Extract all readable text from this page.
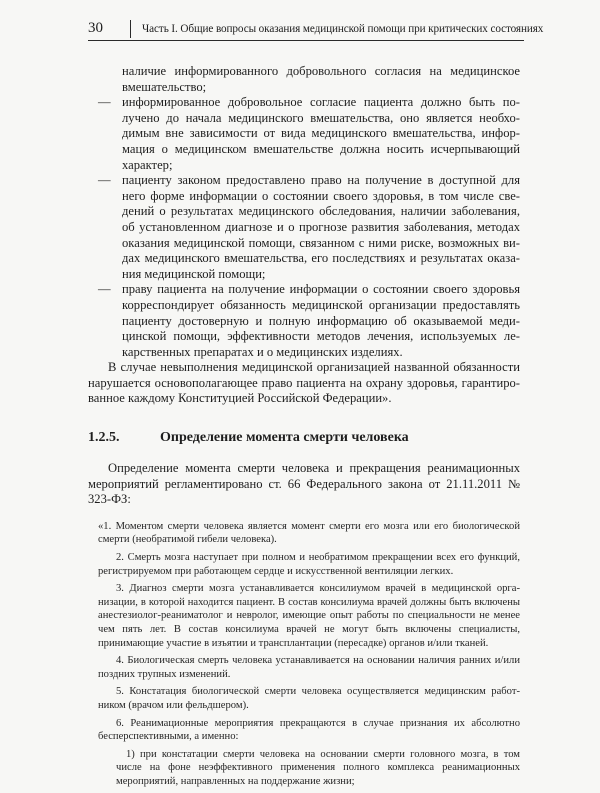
30	Часть I. Общие вопросы оказания медицинской помощи при критических состояниях
наличие информированного добровольного согласия на медицинское вмешательство;
— информированное добровольное согласие пациента должно быть получено до начала медицинского вмешательства, оно является необходимым вне зависимости от вида медицинского вмешательства, информация о медицинском вмешательстве должна носить исчерпывающий характер;
— пациенту законом предоставлено право на получение в доступной для него форме информации о состоянии своего здоровья, в том числе сведений о результатах медицинского обследования, наличии заболевания, об установленном диагнозе и о прогнозе развития заболевания, методах оказания медицинской помощи, связанном с ними риске, возможных видах медицинского вмешательства, его последствиях и результатах оказания медицинской помощи;
— праву пациента на получение информации о состоянии своего здоровья корреспондирует обязанность медицинской организации предоставлять пациенту достоверную и полную информацию об оказываемой медицинской помощи, эффективности методов лечения, используемых лекарственных препаратах и о медицинских изделиях.

В случае невыполнения медицинской организацией названной обязанности нарушается основополагающее право пациента на охрану здоровья, гарантированное каждому Конституцией Российской Федерации».

1.2.5.	Определение момента смерти человека

Определение момента смерти человека и прекращения реанимационных мероприятий регламентировано ст. 66 Федерального закона от 21.11.2011 № 323-ФЗ:

«1. Моментом смерти человека является момент смерти его мозга или его биологической смерти (необратимой гибели человека).

2. Смерть мозга наступает при полном и необратимом прекращении всех его функций, регистрируемом при работающем сердце и искусственной вентиляции легких.

3. Диагноз смерти мозга устанавливается консилиумом врачей в медицинской организации, в которой находится пациент. В состав консилиума врачей должны быть включены анестезиолог-реаниматолог и невролог, имеющие опыт работы по специальности не менее чем пять лет. В состав консилиума врачей не могут быть включены специалисты, принимающие участие в изъятии и трансплантации (пересадке) органов и/или тканей.

4. Биологическая смерть человека устанавливается на основании наличия ранних и/или поздних трупных изменений.

5. Констатация биологической смерти человека осуществляется медицинским работником (врачом или фельдшером).

6. Реанимационные мероприятия прекращаются в случае признания их абсолютно бесперспективными, а именно:

1) при констатации смерти человека на основании смерти головного мозга, в том числе на фоне неэффективного применения полного комплекса реанимационных мероприятий, направленных на поддержание жизни;
